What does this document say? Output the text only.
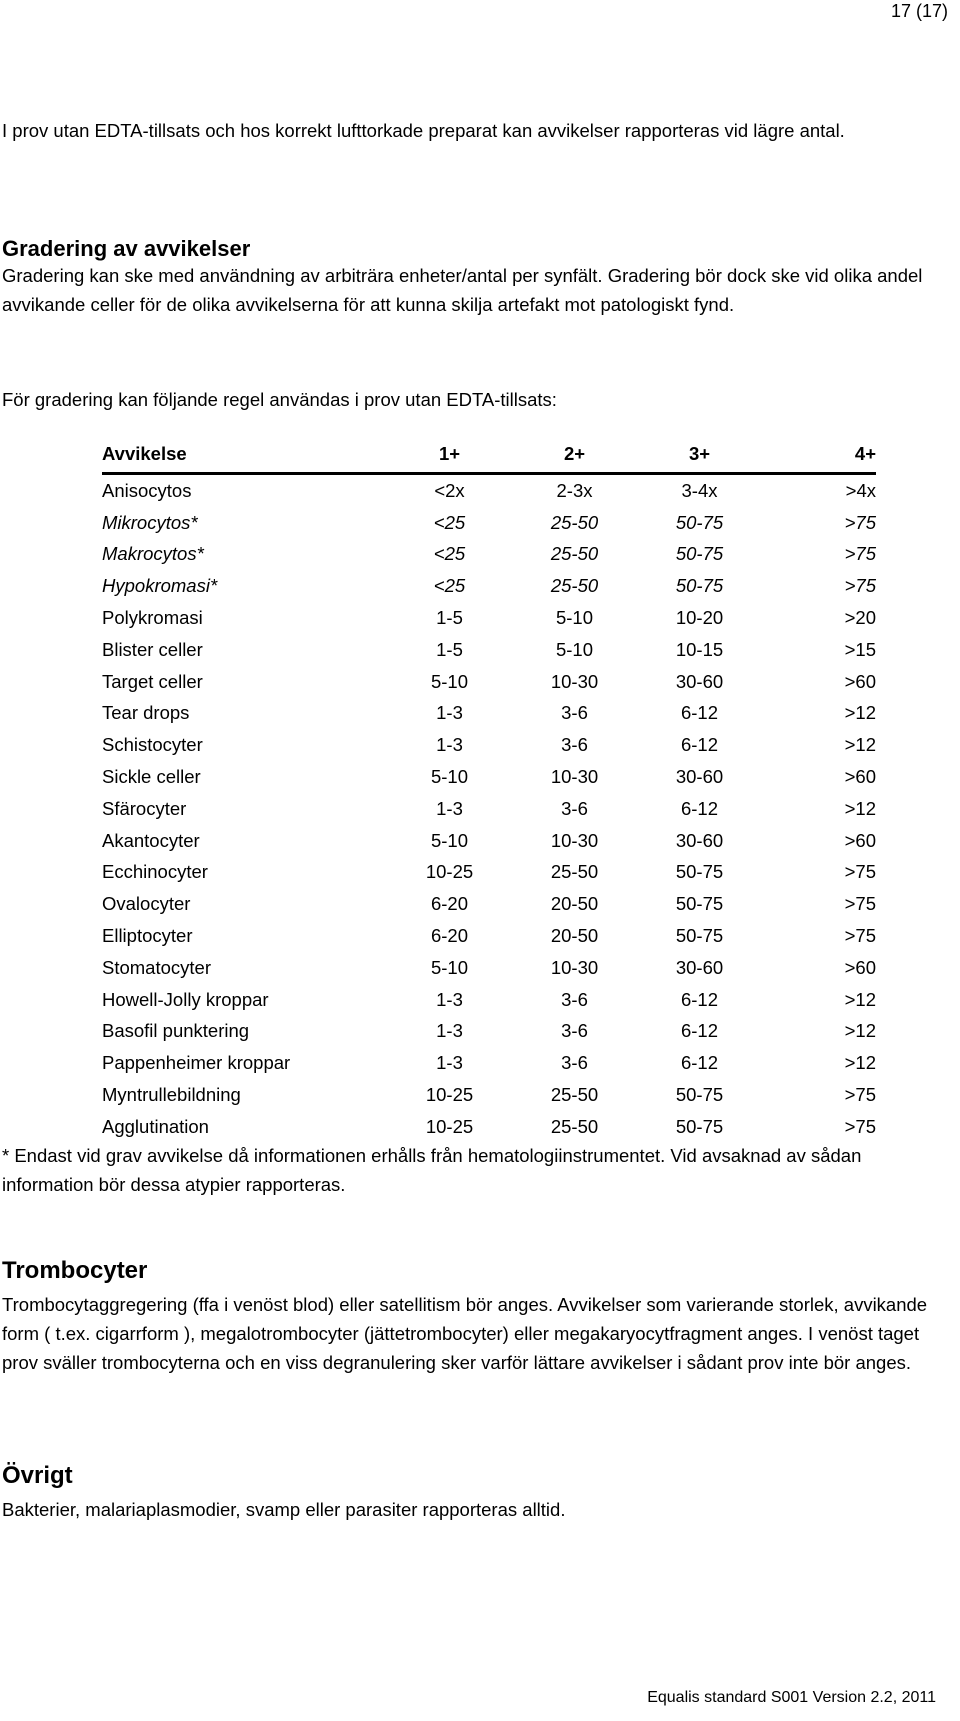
17 (17)
I prov utan EDTA-tillsats och hos korrekt lufttorkade preparat kan avvikelser rapporteras vid lägre antal.
Gradering av avvikelser
Gradering kan ske med användning av arbiträra enheter/antal per synfält. Gradering bör dock ske vid olika andel avvikande celler för de olika avvikelserna för att kunna skilja artefakt mot patologiskt fynd.
För gradering kan följande regel användas i prov utan EDTA-tillsats:
Avvikelse	1+	2+	3+	4+
Anisocytos	<2x	2-3x	3-4x	>4x
Mikrocytos*	<25	25-50	50-75	>75
Makrocytos*	<25	25-50	50-75	>75
Hypokromasi*	<25	25-50	50-75	>75
Polykromasi	1-5	5-10	10-20	>20
Blister celler	1-5	5-10	10-15	>15
Target celler	5-10	10-30	30-60	>60
Tear drops	1-3	3-6	6-12	>12
Schistocyter	1-3	3-6	6-12	>12
Sickle celler	5-10	10-30	30-60	>60
Sfärocyter	1-3	3-6	6-12	>12
Akantocyter	5-10	10-30	30-60	>60
Ecchinocyter	10-25	25-50	50-75	>75
Ovalocyter	6-20	20-50	50-75	>75
Elliptocyter	6-20	20-50	50-75	>75
Stomatocyter	5-10	10-30	30-60	>60
Howell-Jolly kroppar	1-3	3-6	6-12	>12
Basofil punktering	1-3	3-6	6-12	>12
Pappenheimer kroppar	1-3	3-6	6-12	>12
Myntrullebildning	10-25	25-50	50-75	>75
Agglutination	10-25	25-50	50-75	>75
* Endast vid grav avvikelse då informationen erhålls från hematologiinstrumentet. Vid avsaknad av sådan information bör dessa atypier rapporteras.
Trombocyter
Trombocytaggregering (ffa i venöst blod) eller satellitism bör anges. Avvikelser som varierande storlek, avvikande form ( t.ex. cigarrform ), megalotrombocyter (jättetrombocyter) eller megakaryocytfragment anges. I venöst taget prov sväller trombocyterna och en viss degranulering sker varför lättare avvikelser i sådant prov inte bör anges.
Övrigt
Bakterier, malariaplasmodier, svamp eller parasiter rapporteras alltid.
Equalis standard S001 Version 2.2, 2011
